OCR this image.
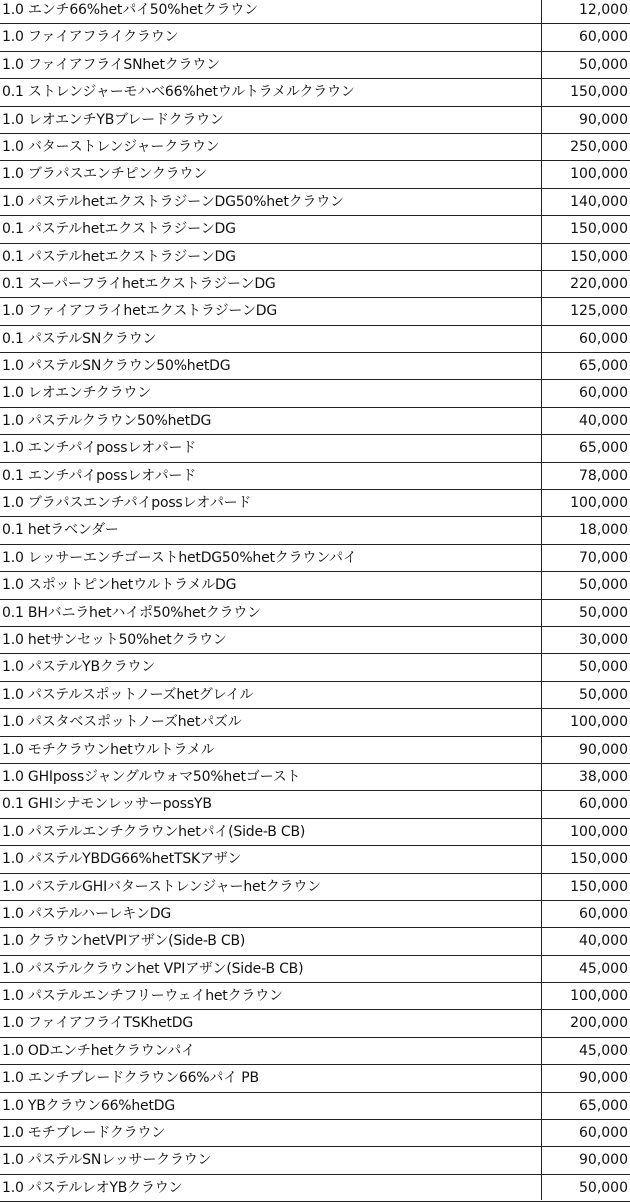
1.0 エンチ66%hetパイ50%hetクラウン	12,000
1.0 ファイアフライクラウン	60,000
1.0 ファイアフライSNhetクラウン	50,000
0.1 ストレンジャーモハベ66%hetウルトラメルクラウン	150,000
1.0 レオエンチYBブレードクラウン	90,000
1.0 バターストレンジャークラウン	250,000
1.0 ブラパスエンチピンクラウン	100,000
1.0 パステルhetエクストラジーンDG50%hetクラウン	140,000
0.1 パステルhetエクストラジーンDG	150,000
0.1 パステルhetエクストラジーンDG	150,000
0.1 スーパーフライhetエクストラジーンDG	220,000
1.0 ファイアフライhetエクストラジーンDG	125,000
0.1 パステルSNクラウン	60,000
1.0 パステルSNクラウン50%hetDG	65,000
1.0 レオエンチクラウン	60,000
1.0 パステルクラウン50%hetDG	40,000
1.0 エンチパイpossレオパード	65,000
0.1 エンチパイpossレオパード	78,000
1.0 ブラパスエンチパイpossレオパード	100,000
0.1 hetラベンダー	18,000
1.0 レッサーエンチゴーストhetDG50%hetクラウンパイ	70,000
1.0 スポットピンhetウルトラメルDG	50,000
0.1 BHバニラhetハイポ50%hetクラウン	50,000
1.0 hetサンセット50%hetクラウン	30,000
1.0 パステルYBクラウン	50,000
1.0 パステルスポットノーズhetグレイル	50,000
1.0 パスタベスポットノーズhetパズル	100,000
1.0 モチクラウンhetウルトラメル	90,000
1.0 GHIpossジャングルウォマ50%hetゴースト	38,000
0.1 GHIシナモンレッサーpossYB	60,000
1.0 パステルエンチクラウンhetパイ(Side-B CB)	100,000
1.0 パステルYBDG66%hetTSKアザン	150,000
1.0 パステルGHIバターストレンジャーhetクラウン	150,000
1.0 パステルハーレキンDG	60,000
1.0 クラウンhetVPIアザン(Side-B CB)	40,000
1.0 パステルクラウンhet VPIアザン(Side-B CB)	45,000
1.0 パステルエンチフリーウェイhetクラウン	100,000
1.0 ファイアフライTSKhetDG	200,000
1.0 ODエンチhetクラウンパイ	45,000
1.0 エンチブレードクラウン66%パイ PB	90,000
1.0 YBクラウン66%hetDG	65,000
1.0 モチブレードクラウン	60,000
1.0 パステルSNレッサークラウン	90,000
1.0 パステルレオYBクラウン	50,000
